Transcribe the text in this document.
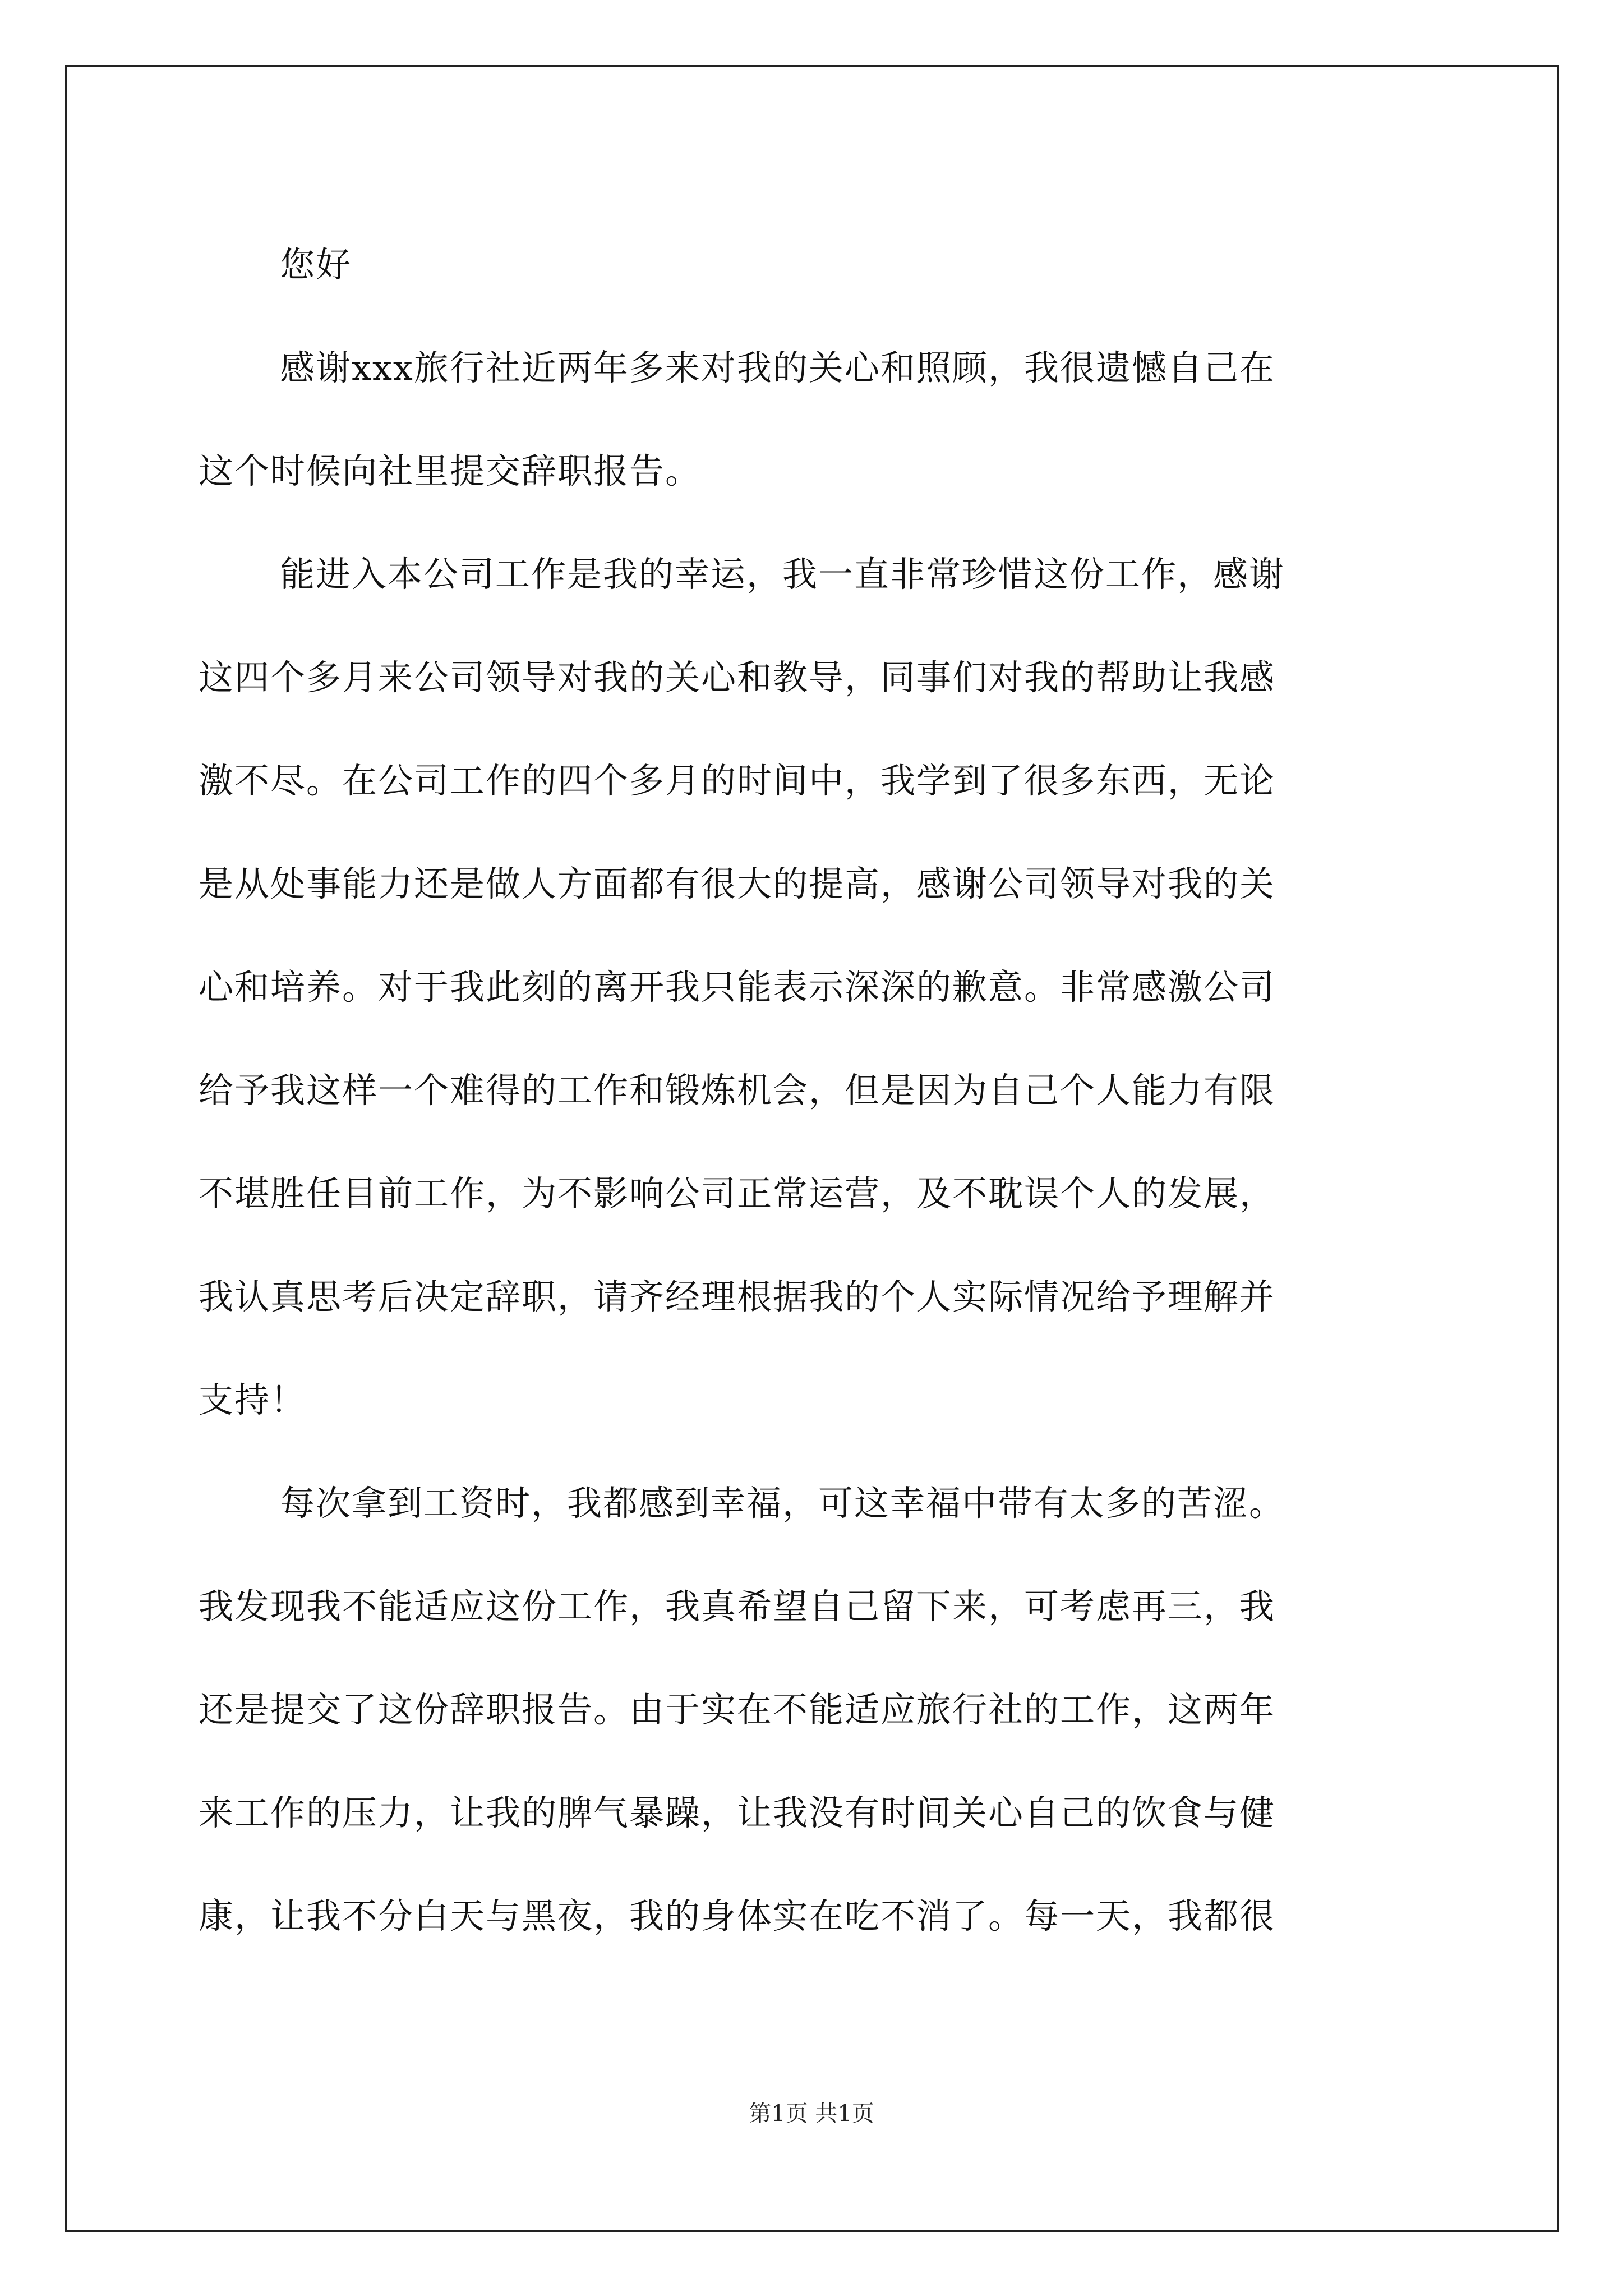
您好
感谢xxx旅行社近两年多来对我的关心和照顾，我很遗憾自己在
这个时候向社里提交辞职报告。
能进入本公司工作是我的幸运，我一直非常珍惜这份工作，感谢
这四个多月来公司领导对我的关心和教导，同事们对我的帮助让我感
激不尽。在公司工作的四个多月的时间中，我学到了很多东西，无论
是从处事能力还是做人方面都有很大的提高，感谢公司领导对我的关
心和培养。对于我此刻的离开我只能表示深深的歉意。非常感激公司
给予我这样一个难得的工作和锻炼机会，但是因为自己个人能力有限
不堪胜任目前工作，为不影响公司正常运营，及不耽误个人的发展，
我认真思考后决定辞职，请齐经理根据我的个人实际情况给予理解并
支持！
每次拿到工资时，我都感到幸福，可这幸福中带有太多的苦涩。
我发现我不能适应这份工作，我真希望自己留下来，可考虑再三，我
还是提交了这份辞职报告。由于实在不能适应旅行社的工作，这两年
来工作的压力，让我的脾气暴躁，让我没有时间关心自己的饮食与健
康，让我不分白天与黑夜，我的身体实在吃不消了。每一天，我都很
第1页 共1页
